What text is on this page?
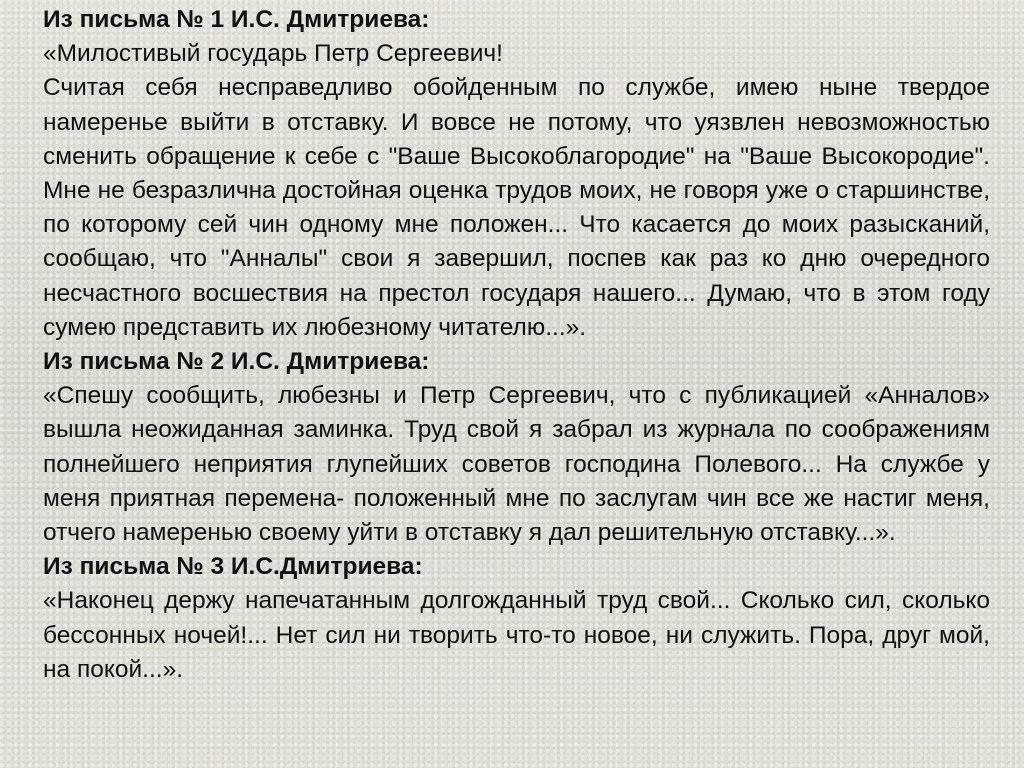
Из письма № 1 И.С. Дмитриева:

«Милостивый государь Петр Сергеевич!

Считая себя несправедливо обойденным по службе, имею ныне твердое намеренье выйти в отставку. И вовсе не потому, что уязвлен невозможностью сменить обращение к себе с "Ваше Высокоблагородие" на "Ваше Высокородие". Мне не безразлична достойная оценка трудов моих, не говоря уже о старшинстве, по которому сей чин одному мне положен... Что касается до моих разысканий, сообщаю, что "Анналы" свои я завершил, поспев как раз ко дню очередного несчастного восшествия на престол государя нашего... Думаю, что в этом году сумею представить их любезному читателю...».

Из письма № 2 И.С. Дмитриева:

«Спешу сообщить, любезны и Петр Сергеевич, что с публикацией «Анналов» вышла неожиданная заминка. Труд свой я забрал из журнала по соображениям полнейшего неприятия глупейших советов господина Полевого... На службе у меня приятная перемена- положенный мне по заслугам чин все же настиг меня, отчего намеренью своему уйти в отставку я дал решительную отставку...».

Из письма № 3 И.С.Дмитриева:

«Наконец держу напечатанным долгожданный труд свой... Сколько сил, сколько бессонных ночей!... Нет сил ни творить что-то новое, ни служить. Пора, друг мой, на покой...».
